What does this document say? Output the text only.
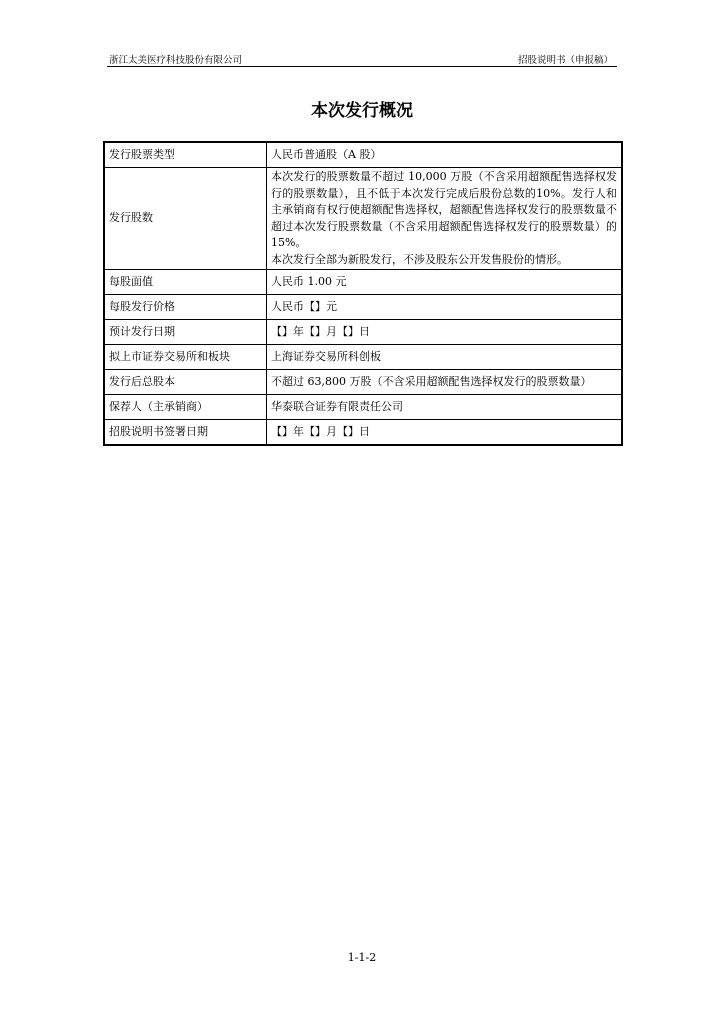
浙江太美医疗科技股份有限公司	招股说明书（申报稿）
本次发行概况
发行股票类型	人民币普通股（A 股）
发行股数	本次发行的股票数量不超过 10,000 万股（不含采用超额配售选择权发行的股票数量），且不低于本次发行完成后股份总数的10%。发行人和主承销商有权行使超额配售选择权，超额配售选择权发行的股票数量不超过本次发行股票数量（不含采用超额配售选择权发行的股票数量）的 15%。
本次发行全部为新股发行，不涉及股东公开发售股份的情形。

每股面值	人民币 1.00 元
每股发行价格	人民币【】元
预计发行日期	【】年【】月【】日
拟上市证券交易所和板块	上海证券交易所科创板
发行后总股本	不超过 63,800 万股（不含采用超额配售选择权发行的股票数量）
保荐人（主承销商）	华泰联合证券有限责任公司
招股说明书签署日期	【】年【】月【】日
1-1-2
